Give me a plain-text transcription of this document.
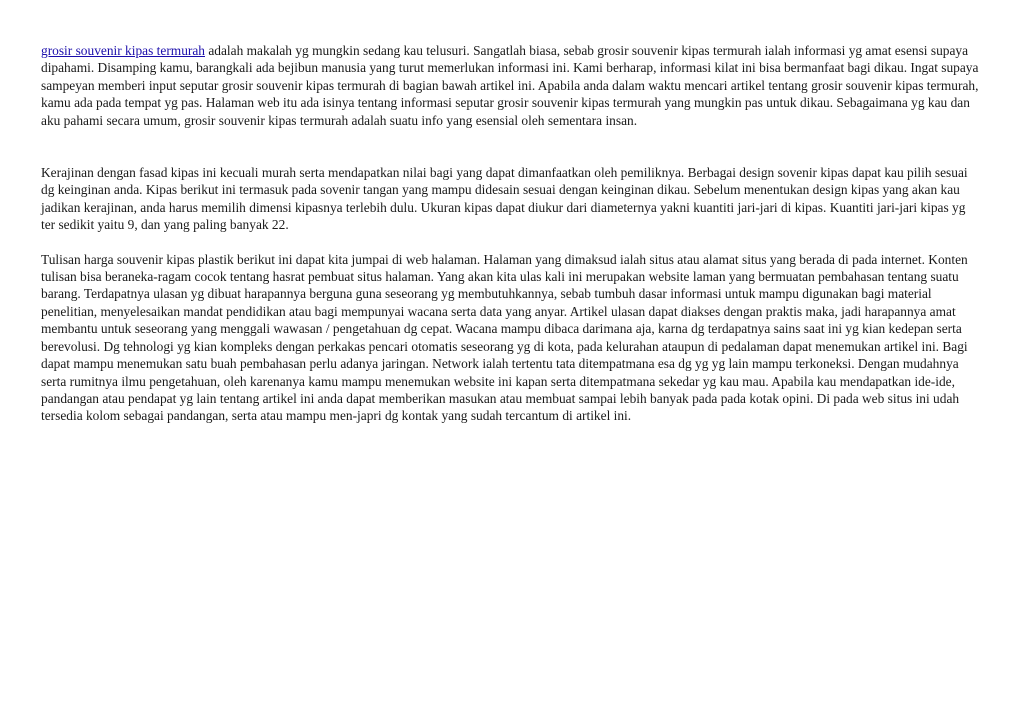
grosir souvenir kipas termurah adalah makalah yg mungkin sedang kau telusuri. Sangatlah biasa, sebab grosir souvenir kipas termurah ialah informasi yg amat esensi supaya dipahami. Disamping kamu, barangkali ada bejibun manusia yang turut memerlukan informasi ini. Kami berharap, informasi kilat ini bisa bermanfaat bagi dikau. Ingat supaya sampeyan memberi input seputar grosir souvenir kipas termurah di bagian bawah artikel ini. Apabila anda dalam waktu mencari artikel tentang grosir souvenir kipas termurah, kamu ada pada tempat yg pas. Halaman web itu ada isinya tentang informasi seputar grosir souvenir kipas termurah yang mungkin pas untuk dikau. Sebagaimana yg kau dan aku pahami secara umum, grosir souvenir kipas termurah adalah suatu info yang esensial oleh sementara insan.

Kerajinan dengan fasad kipas ini kecuali murah serta mendapatkan nilai bagi yang dapat dimanfaatkan oleh pemiliknya. Berbagai design sovenir kipas dapat kau pilih sesuai dg keinginan anda. Kipas berikut ini termasuk pada sovenir tangan yang mampu didesain sesuai dengan keinginan dikau. Sebelum menentukan design kipas yang akan kau jadikan kerajinan, anda harus memilih dimensi kipasnya terlebih dulu. Ukuran kipas dapat diukur dari diameternya yakni kuantiti jari-jari di kipas. Kuantiti jari-jari kipas yg ter sedikit yaitu 9, dan yang paling banyak 22.

Tulisan harga souvenir kipas plastik berikut ini dapat kita jumpai di web halaman. Halaman yang dimaksud ialah situs atau alamat situs yang berada di pada internet. Konten tulisan bisa beraneka-ragam cocok tentang hasrat pembuat situs halaman. Yang akan kita ulas kali ini merupakan website laman yang bermuatan pembahasan tentang suatu barang. Terdapatnya ulasan yg dibuat harapannya berguna guna seseorang yg membutuhkannya, sebab tumbuh dasar informasi untuk mampu digunakan bagi material penelitian, menyelesaikan mandat pendidikan atau bagi mempunyai wacana serta data yang anyar. Artikel ulasan dapat diakses dengan praktis maka, jadi harapannya amat membantu untuk seseorang yang menggali wawasan / pengetahuan dg cepat. Wacana mampu dibaca darimana aja, karna dg terdapatnya sains saat ini yg kian kedepan serta berevolusi. Dg tehnologi yg kian kompleks dengan perkakas pencari otomatis seseorang yg di kota, pada kelurahan ataupun di pedalaman dapat menemukan artikel ini. Bagi dapat mampu menemukan satu buah pembahasan perlu adanya jaringan. Network ialah tertentu tata ditempatmana esa dg yg yg lain mampu terkoneksi. Dengan mudahnya serta rumitnya ilmu pengetahuan, oleh karenanya kamu mampu menemukan website ini kapan serta ditempatmana sekedar yg kau mau. Apabila kau mendapatkan ide-ide, pandangan atau pendapat yg lain tentang artikel ini anda dapat memberikan masukan atau membuat sampai lebih banyak pada pada kotak opini. Di pada web situs ini udah tersedia kolom sebagai pandangan, serta atau mampu men-japri dg kontak yang sudah tercantum di artikel ini.
